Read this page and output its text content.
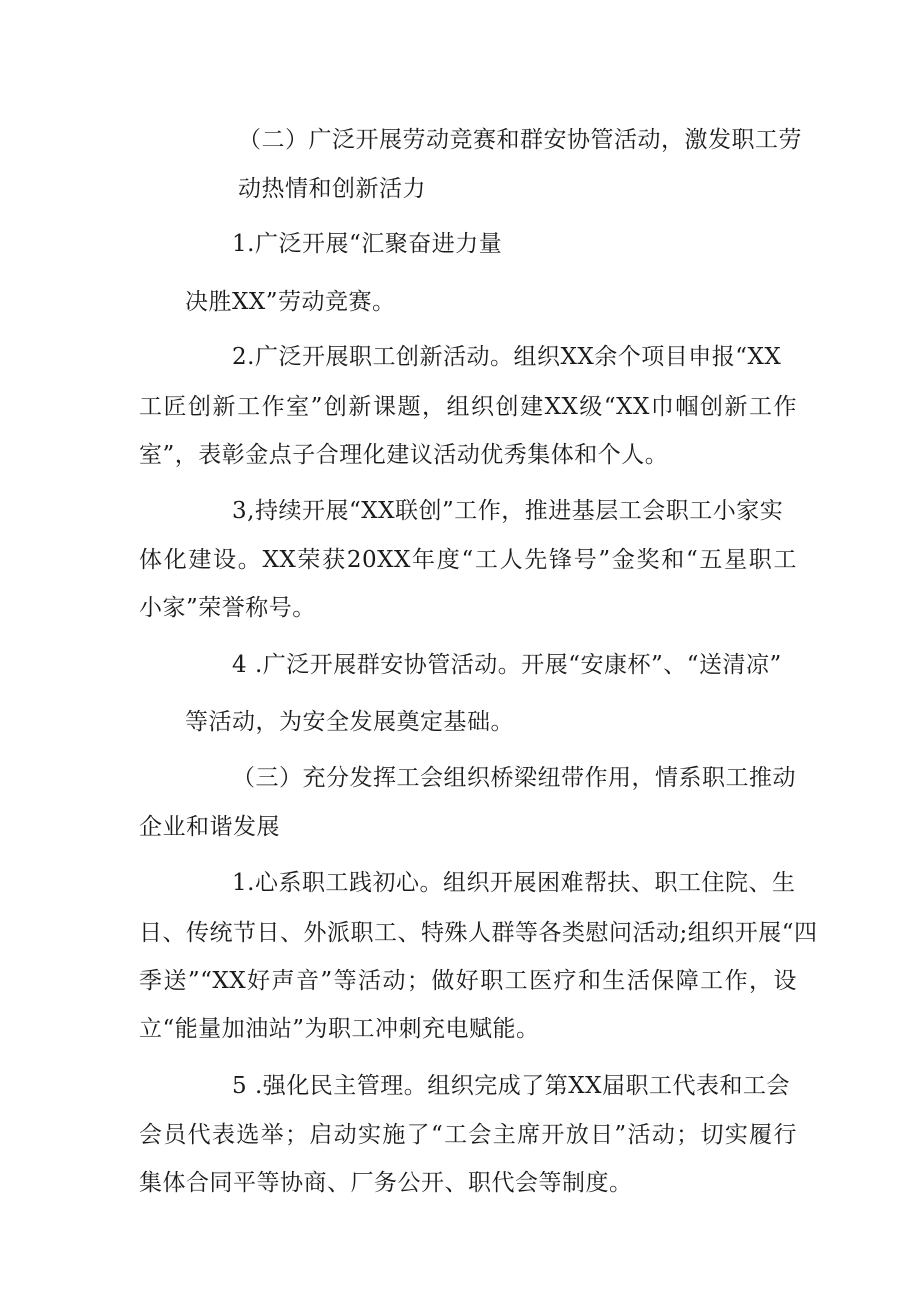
（二）广泛开展劳动竞赛和群安协管活动，激发职工劳
动热情和创新活力
1.广泛开展“汇聚奋进力量
决胜XX”劳动竞赛。
2.广泛开展职工创新活动。组织XX余个项目申报“XX
工匠创新工作室”创新课题，组织创建XX级“XX巾帼创新工作
室”，表彰金点子合理化建议活动优秀集体和个人。
3,持续开展“XX联创”工作，推进基层工会职工小家实
体化建设。XX荣获20XX年度“工人先锋号”金奖和“五星职工
小家”荣誉称号。
4 .广泛开展群安协管活动。开展“安康杯”、“送清凉”
等活动，为安全发展奠定基础。
（三）充分发挥工会组织桥梁纽带作用，情系职工推动
企业和谐发展
1.心系职工践初心。组织开展困难帮扶、职工住院、生
日、传统节日、外派职工、特殊人群等各类慰问活动;组织开展“四
季送”“XX好声音”等活动；做好职工医疗和生活保障工作，设
立“能量加油站”为职工冲刺充电赋能。
5 .强化民主管理。组织完成了第XX届职工代表和工会
会员代表选举；启动实施了“工会主席开放日”活动；切实履行
集体合同平等协商、厂务公开、职代会等制度。
